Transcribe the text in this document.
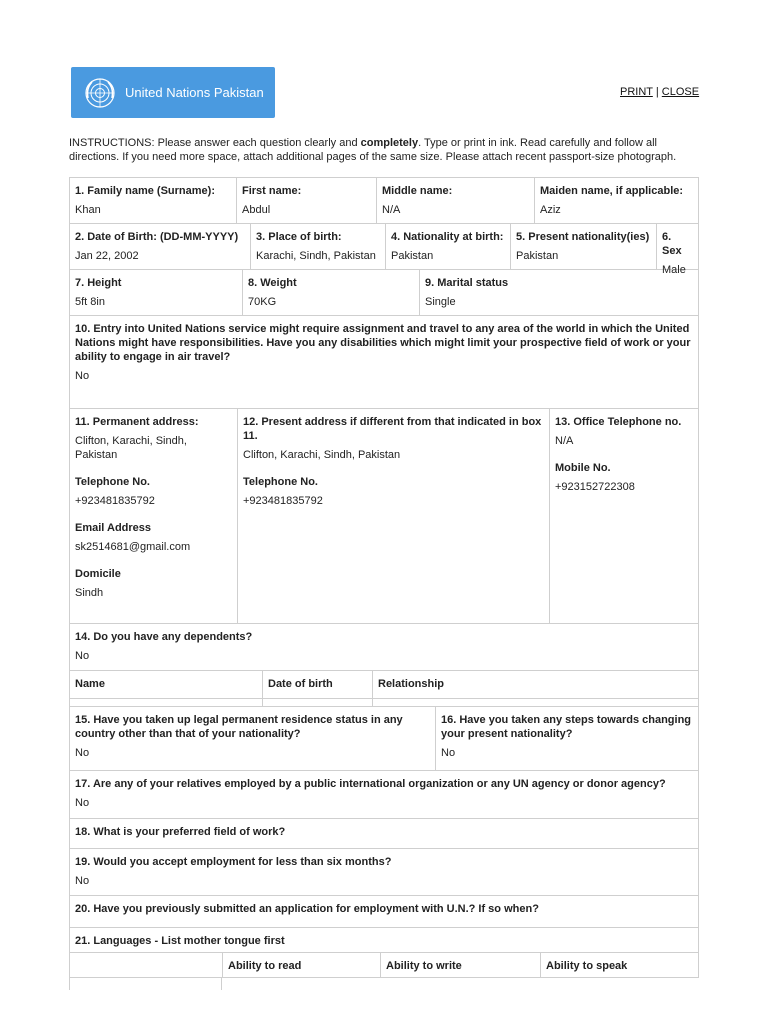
United Nations Pakistan	PRINT | CLOSE
INSTRUCTIONS: Please answer each question clearly and completely. Type or print in ink. Read carefully and follow all directions. If you need more space, attach additional pages of the same size. Please attach recent passport-size photograph.
1. Family name (Surname):
Khan
First name:
Abdul
Middle name:
N/A
Maiden name, if applicable:
Aziz
2. Date of Birth: (DD-MM-YYYY)
Jan 22, 2002
3. Place of birth:
Karachi, Sindh, Pakistan
4. Nationality at birth:
Pakistan
5. Present nationality(ies)
Pakistan
6. Sex
Male
7. Height
5ft 8in
8. Weight
70KG
9. Marital status
Single
10. Entry into United Nations service might require assignment and travel to any area of the world in which the United Nations might have responsibilities. Have you any disabilities which might limit your prospective field of work or your ability to engage in air travel?
No
11. Permanent address:
Clifton, Karachi, Sindh, Pakistan
Telephone No.
+923481835792
Email Address
sk2514681@gmail.com
Domicile
Sindh
12. Present address if different from that indicated in box 11.
Clifton, Karachi, Sindh, Pakistan
Telephone No.
+923481835792
13. Office Telephone no.
N/A
Mobile No.
+923152722308
14. Do you have any dependents?
No
Name	Date of birth	Relationship
15. Have you taken up legal permanent residence status in any country other than that of your nationality?
No
16. Have you taken any steps towards changing your present nationality?
No
17. Are any of your relatives employed by a public international organization or any UN agency or donor agency?
No
18. What is your preferred field of work?
19. Would you accept employment for less than six months?
No
20. Have you previously submitted an application for employment with U.N.? If so when?
21. Languages - List mother tongue first
Ability to read	Ability to write	Ability to speak
